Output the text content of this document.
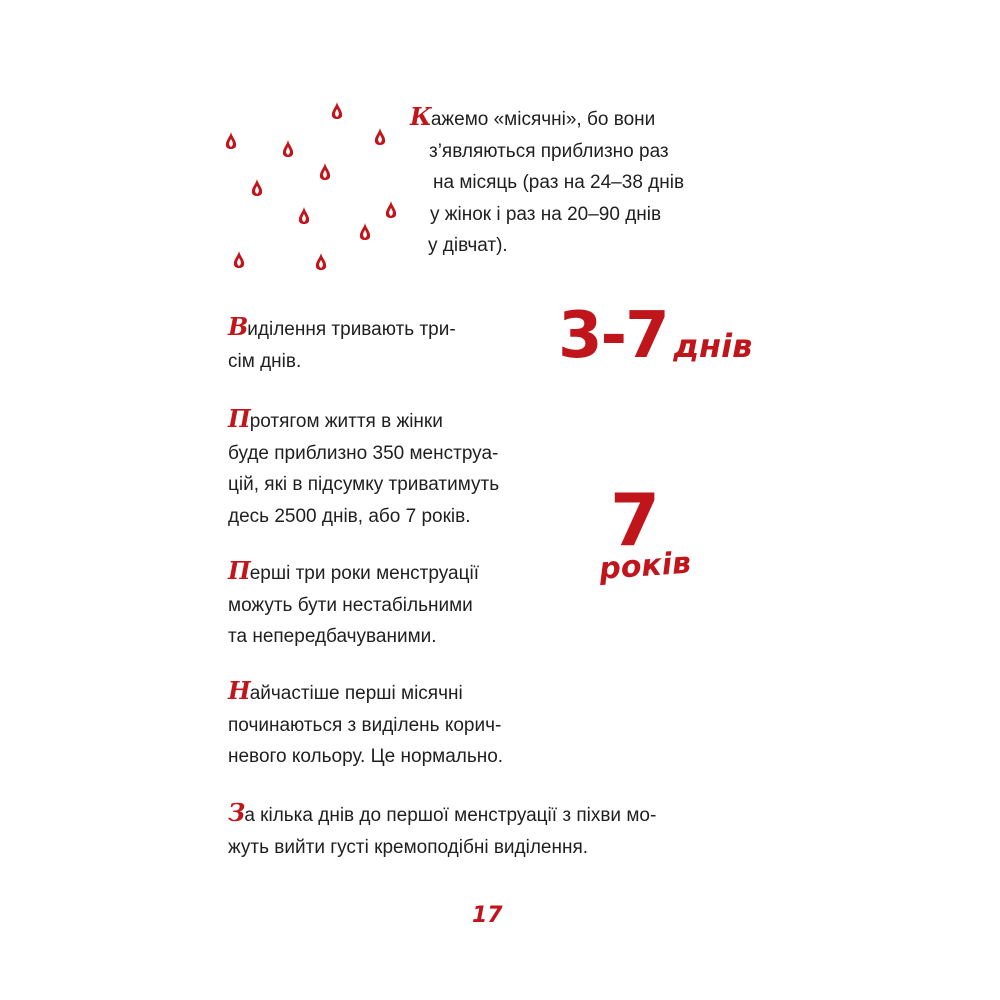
Кажемо «місячні», бо вони
з’являються приблизно раз
на місяць (раз на 24–38 днів
у жінок і раз на 20–90 днів
у дівчат).
Виділення тривають три-
сім днів.
Протягом життя в жінки
буде приблизно 350 менструа-
цій, які в підсумку триватимуть
десь 2500 днів, або 7 років.
Перші три роки менструації
можуть бути нестабільними
та непередбачуваними.
Найчастіше перші місячні
починаються з виділень корич-
невого кольору. Це нормально.
За кілька днів до першої менструації з піхви мо-
жуть вийти густі кремоподібні виділення.
3-7 днів
7
років
17
